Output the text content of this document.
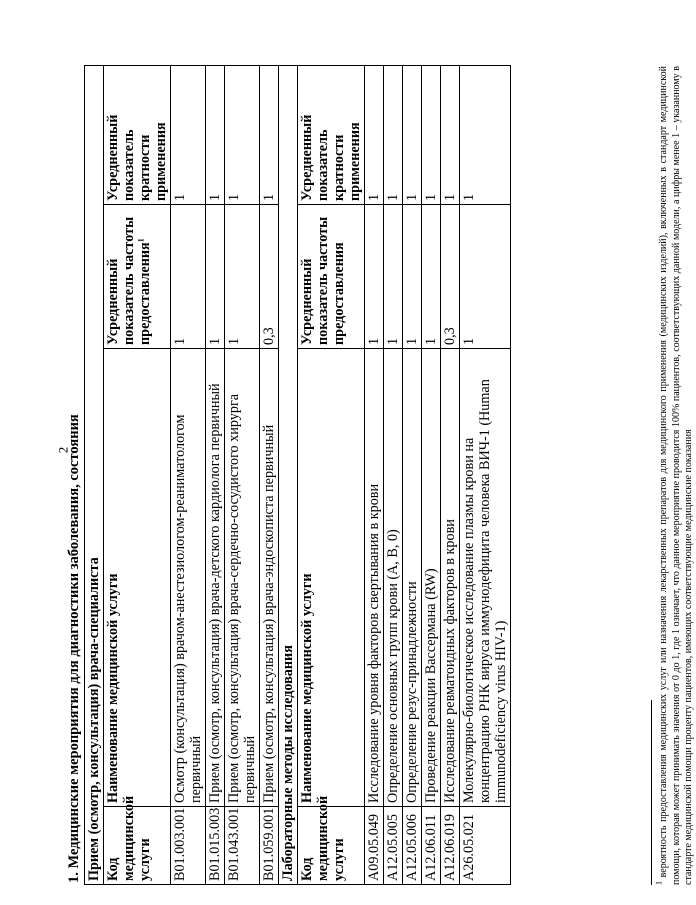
2
1. Медицинские мероприятия для диагностики заболевания, состояния Прием (осмотр, консультация) врача-специалиста			
Код медицинской услуги	Наименование медицинской услуги	Усредненный показатель частоты предоставления$^1$	Усредненный показатель кратности применения
B01.003.001	Осмотр (консультация) врачом-анестезиологом-реаниматологом первичный	1	1
B01.015.003	Прием (осмотр, консультация) врача-детского кардиолога первичный	1	1
B01.043.001	Прием (осмотр, консультация) врача-сердечно-сосудистого хирурга первичный	1	1
B01.059.001	Прием (осмотр, консультация) врача-эндоскописта первичный	0,3	1
Лабораторные методы исследования			
Код медицинской услуги	Наименование медицинской услуги	Усредненный показатель частоты предоставления	Усредненный показатель кратности применения
A09.05.049	Исследование уровня факторов свертывания в крови	1	1
A12.05.005	Определение основных групп крови (A, B, 0)	1	1
A12.05.006	Определение резус-принадлежности	1	1
A12.06.011	Проведение реакции Вассермана (RW)	1	1
A12.06.019	Исследование ревматоидных факторов в крови	0,3	1
A26.05.021	Молекулярно-биологическое исследование плазмы крови на концентрацию РНК вируса иммунодефицита человека ВИЧ-1 (Human immunodeficiency virus HIV-1)	1	1
$^1$ вероятность предоставления медицинских услуг или назначения лекарственных препаратов для медицинского применения (медицинских изделий), включенных в стандарт медицинской помощи, которая может принимать значения от 0 до 1, где 1 означает, что данное мероприятие проводится 100% пациентов, соответствующих данной модели, а цифры менее 1 – указанному в стандарте медицинской помощи проценту пациентов, имеющих соответствующие медицинские показания
